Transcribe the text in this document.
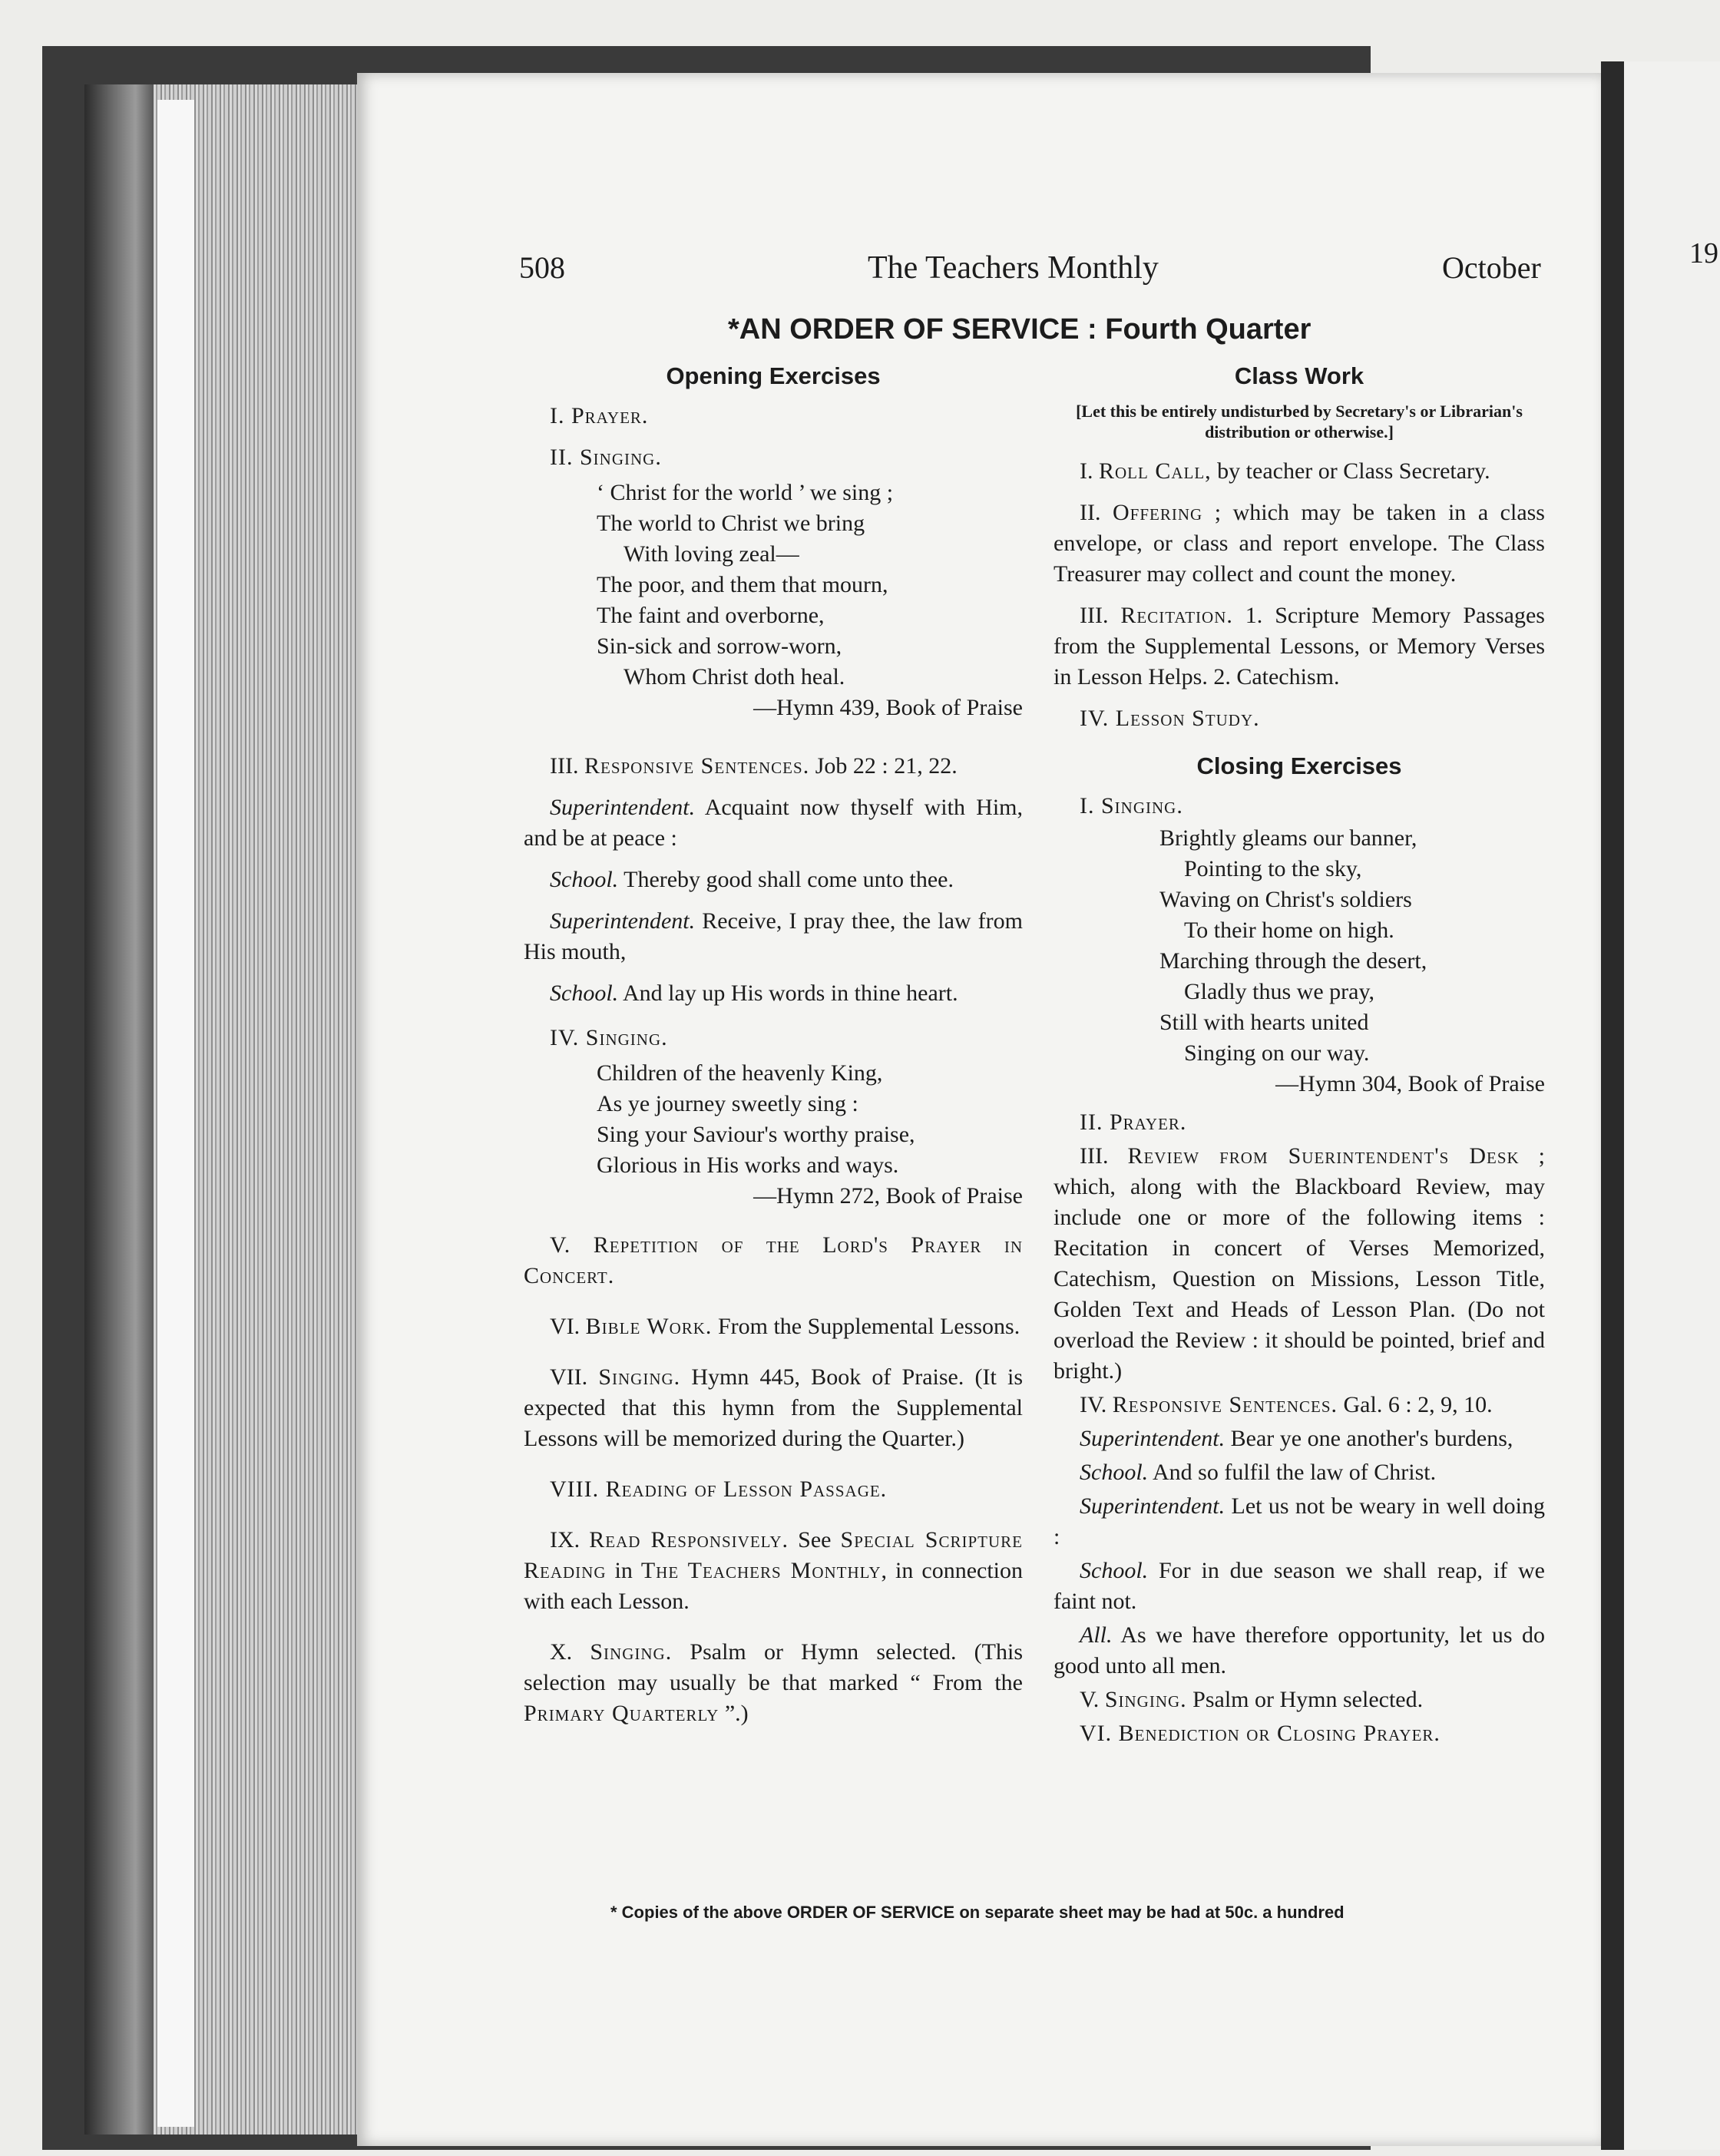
19
508	The Teachers Monthly	October
*AN ORDER OF SERVICE : Fourth Quarter
Opening Exercises

I. Prayer.

II. Singing.

‘ Christ for the world ’ we sing ;
The world to Christ we bring
With loving zeal—
The poor, and them that mourn,
The faint and overborne,
Sin-sick and sorrow-worn,
Whom Christ doth heal.
—Hymn 439, Book of Praise

III. Responsive Sentences. Job 22 : 21, 22.

Superintendent. Acquaint now thyself with Him, and be at peace :

School. Thereby good shall come unto thee.

Superintendent. Receive, I pray thee, the law from His mouth,

School. And lay up His words in thine heart.

IV. Singing.

Children of the heavenly King,
As ye journey sweetly sing :
Sing your Saviour's worthy praise,
Glorious in His works and ways.
—Hymn 272, Book of Praise

V. Repetition of the Lord's Prayer in Concert.

VI. Bible Work. From the Supplemental Lessons.

VII. Singing. Hymn 445, Book of Praise. (It is expected that this hymn from the Supplemental Lessons will be memorized during the Quarter.)

VIII. Reading of Lesson Passage.

IX. Read Responsively. See Special Scripture Reading in The Teachers Monthly, in connection with each Lesson.

X. Singing. Psalm or Hymn selected. (This selection may usually be that marked “ From the Primary Quarterly ”.)

Class Work
[Let this be entirely undisturbed by Secretary's or Librarian's distribution or otherwise.]

I. Roll Call, by teacher or Class Secretary.

II. Offering ; which may be taken in a class envelope, or class and report envelope. The Class Treasurer may collect and count the money.

III. Recitation. 1. Scripture Memory Passages from the Supplemental Lessons, or Memory Verses in Lesson Helps. 2. Catechism.

IV. Lesson Study.

Closing Exercises

I. Singing.

Brightly gleams our banner,
Pointing to the sky,
Waving on Christ's soldiers
To their home on high.
Marching through the desert,
Gladly thus we pray,
Still with hearts united
Singing on our way.
—Hymn 304, Book of Praise

II. Prayer.

III. Review from Suerintendent's Desk ; which, along with the Blackboard Review, may include one or more of the following items : Recitation in concert of Verses Memorized, Catechism, Question on Missions, Lesson Title, Golden Text and Heads of Lesson Plan. (Do not overload the Review : it should be pointed, brief and bright.)

IV. Responsive Sentences. Gal. 6 : 2, 9, 10.

Superintendent. Bear ye one another's burdens,

School. And so fulfil the law of Christ.

Superintendent. Let us not be weary in well doing :

School. For in due season we shall reap, if we faint not.

All. As we have therefore opportunity, let us do good unto all men.

V. Singing. Psalm or Hymn selected.

VI. Benediction or Closing Prayer.

* Copies of the above ORDER OF SERVICE on separate sheet may be had at 50c. a hundred
